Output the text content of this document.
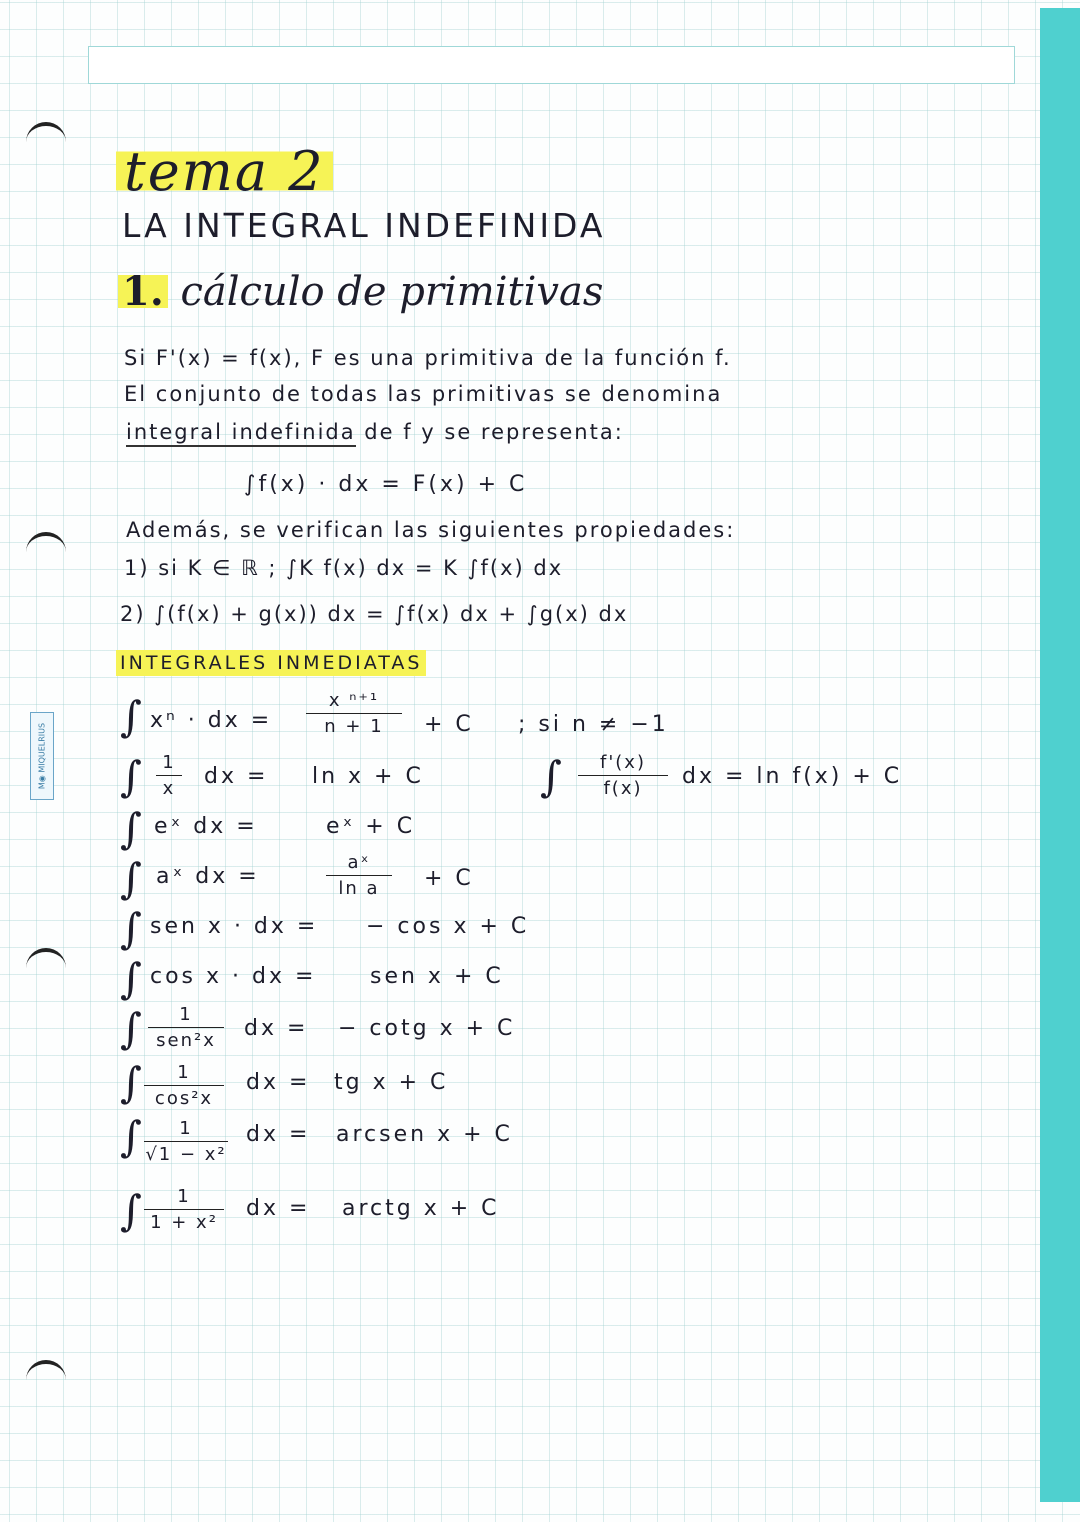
M◉ MIQUELRIUS
tema 2
LA INTEGRAL INDEFINIDA
1. cálculo de primitivas
Si F'(x) = f(x), F es una primitiva de la función f.
El conjunto de todas las primitivas se denomina
integral indefinida de f y se representa:
∫f(x) · dx = F(x) + C
Además, se verifican las siguientes propiedades:
1) si K ∈ ℝ ; ∫K f(x) dx = K ∫f(x) dx
2) ∫(f(x) + g(x)) dx = ∫f(x) dx + ∫g(x) dx
INTEGRALES INMEDIATAS
∫ xⁿ · dx =
x ⁿ⁺¹
n + 1	+ C ; si n ≠ −1
∫	1
x	dx = ln x + C	∫	f'(x)
f(x)	dx = ln f(x) + C
∫ eˣ dx =	eˣ + C
∫ aˣ dx =
aˣ
ln a	+ C
∫ sen x · dx = − cos x + C
∫ cos x · dx = sen x + C
∫	1
sen²x	dx = − cotg x + C
∫	1
cos²x
dx = tg x + C
∫	1
√1 − x²
dx = arcsen x + C
∫	1
1 + x²
dx = arctg x + C
